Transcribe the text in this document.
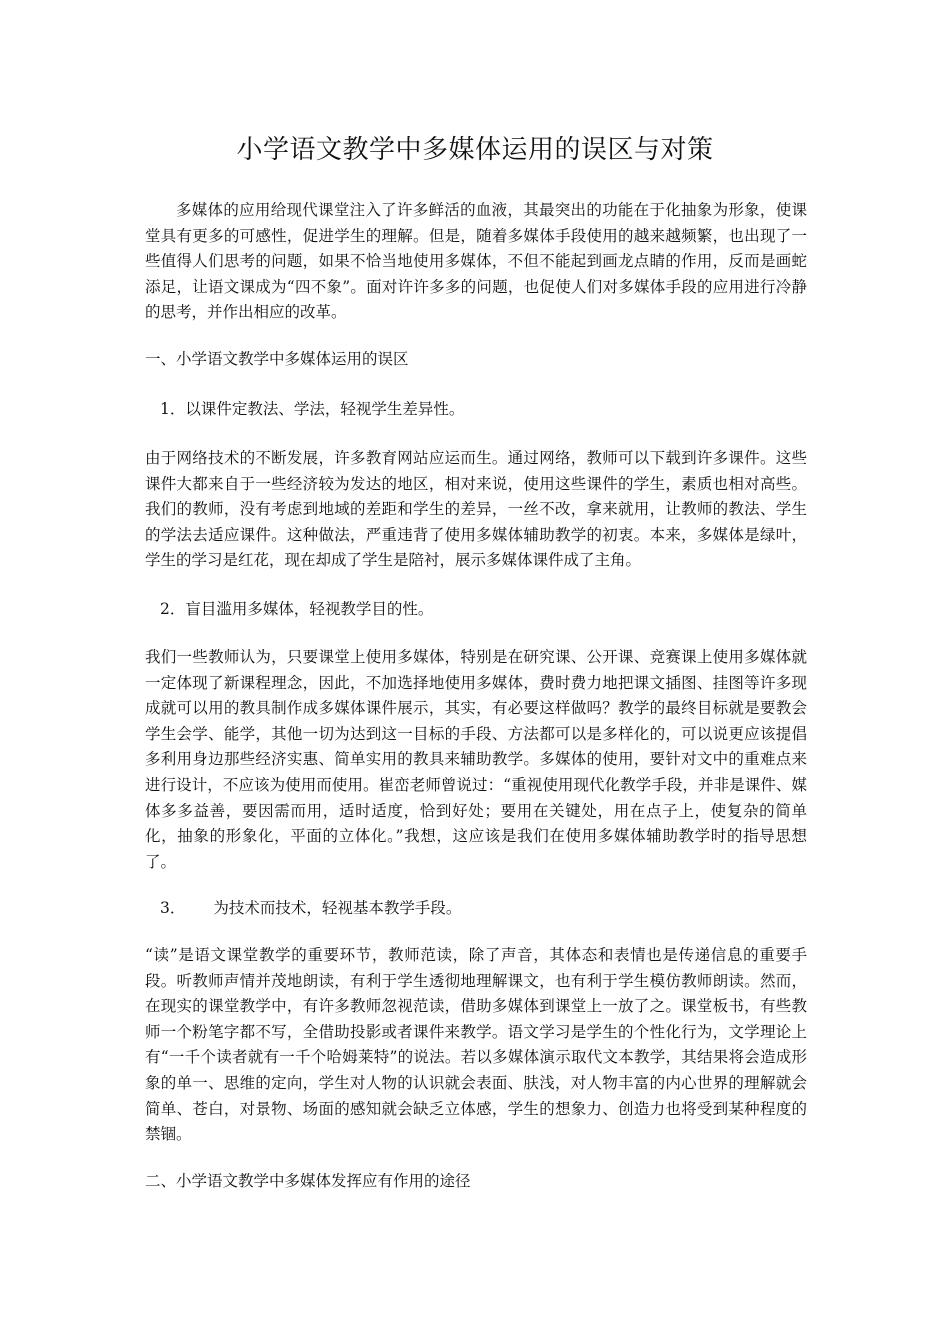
小学语文教学中多媒体运用的误区与对策

多媒体的应用给现代课堂注入了许多鲜活的血液，其最突出的功能在于化抽象为形象，使课堂具有更多的可感性，促进学生的理解。但是，随着多媒体手段使用的越来越频繁，也出现了一些值得人们思考的问题，如果不恰当地使用多媒体，不但不能起到画龙点睛的作用，反而是画蛇添足，让语文课成为“四不象”。面对许许多多的问题，也促使人们对多媒体手段的应用进行冷静的思考，并作出相应的改革。

一、小学语文教学中多媒体运用的误区

1．以课件定教法、学法，轻视学生差异性。

由于网络技术的不断发展，许多教育网站应运而生。通过网络，教师可以下载到许多课件。这些课件大都来自于一些经济较为发达的地区，相对来说，使用这些课件的学生，素质也相对高些。我们的教师，没有考虑到地域的差距和学生的差异，一丝不改，拿来就用，让教师的教法、学生的学法去适应课件。这种做法，严重违背了使用多媒体辅助教学的初衷。本来，多媒体是绿叶，学生的学习是红花，现在却成了学生是陪衬，展示多媒体课件成了主角。

2．盲目滥用多媒体，轻视教学目的性。

我们一些教师认为，只要课堂上使用多媒体，特别是在研究课、公开课、竞赛课上使用多媒体就一定体现了新课程理念，因此，不加选择地使用多媒体，费时费力地把课文插图、挂图等许多现成就可以用的教具制作成多媒体课件展示，其实，有必要这样做吗？教学的最终目标就是要教会学生会学、能学，其他一切为达到这一目标的手段、方法都可以是多样化的，可以说更应该提倡多利用身边那些经济实惠、简单实用的教具来辅助教学。多媒体的使用，要针对文中的重难点来进行设计，不应该为使用而使用。崔峦老师曾说过：“重视使用现代化教学手段，并非是课件、媒体多多益善，要因需而用，适时适度，恰到好处；要用在关键处，用在点子上，使复杂的简单化，抽象的形象化，平面的立体化。”我想，这应该是我们在使用多媒体辅助教学时的指导思想了。

3． 为技术而技术，轻视基本教学手段。

“读”是语文课堂教学的重要环节，教师范读，除了声音，其体态和表情也是传递信息的重要手段。听教师声情并茂地朗读，有利于学生透彻地理解课文，也有利于学生模仿教师朗读。然而，在现实的课堂教学中，有许多教师忽视范读，借助多媒体到课堂上一放了之。课堂板书，有些教师一个粉笔字都不写，全借助投影或者课件来教学。语文学习是学生的个性化行为，文学理论上有“一千个读者就有一千个哈姆莱特”的说法。若以多媒体演示取代文本教学，其结果将会造成形象的单一、思维的定向，学生对人物的认识就会表面、肤浅，对人物丰富的内心世界的理解就会简单、苍白，对景物、场面的感知就会缺乏立体感，学生的想象力、创造力也将受到某种程度的禁锢。

二、小学语文教学中多媒体发挥应有作用的途径
